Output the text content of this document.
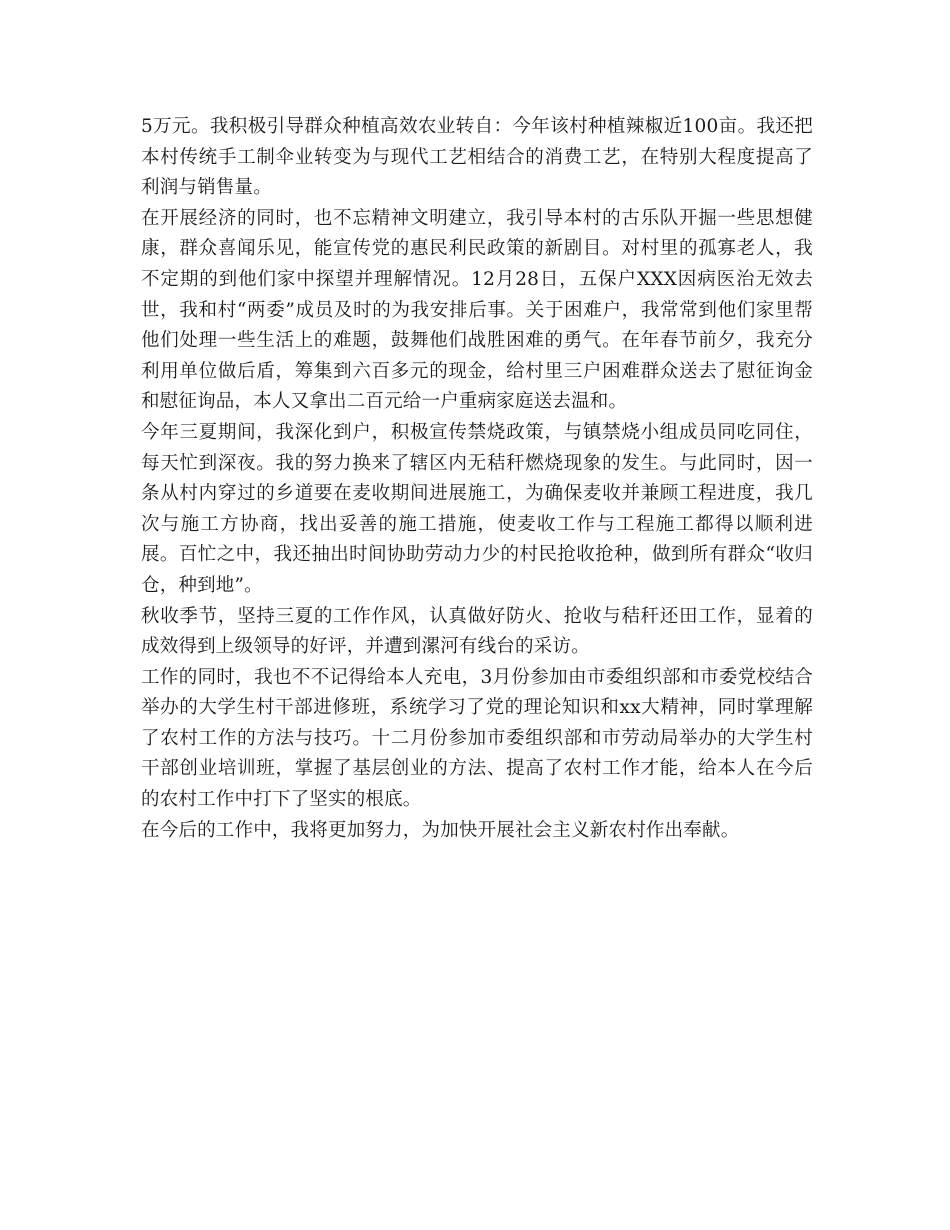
5万元。我积极引导群众种植高效农业转自：今年该村种植辣椒近100亩。我还把本村传统手工制伞业转变为与现代工艺相结合的消费工艺，在特别大程度提高了利润与销售量。

在开展经济的同时，也不忘精神文明建立，我引导本村的古乐队开掘一些思想健康，群众喜闻乐见，能宣传党的惠民利民政策的新剧目。对村里的孤寡老人，我不定期的到他们家中探望并理解情况。12月28日，五保户XXX因病医治无效去世，我和村“两委”成员及时的为我安排后事。关于困难户，我常常到他们家里帮他们处理一些生活上的难题，鼓舞他们战胜困难的勇气。在年春节前夕，我充分利用单位做后盾，筹集到六百多元的现金，给村里三户困难群众送去了慰征询金和慰征询品，本人又拿出二百元给一户重病家庭送去温和。

今年三夏期间，我深化到户，积极宣传禁烧政策，与镇禁烧小组成员同吃同住，每天忙到深夜。我的努力换来了辖区内无秸秆燃烧现象的发生。与此同时，因一条从村内穿过的乡道要在麦收期间进展施工，为确保麦收并兼顾工程进度，我几次与施工方协商，找出妥善的施工措施，使麦收工作与工程施工都得以顺利进展。百忙之中，我还抽出时间协助劳动力少的村民抢收抢种，做到所有群众“收归仓，种到地”。

秋收季节，坚持三夏的工作作风，认真做好防火、抢收与秸秆还田工作，显着的成效得到上级领导的好评，并遭到漯河有线台的采访。

工作的同时，我也不不记得给本人充电，3月份参加由市委组织部和市委党校结合举办的大学生村干部进修班，系统学习了党的理论知识和xx大精神，同时掌理解了农村工作的方法与技巧。十二月份参加市委组织部和市劳动局举办的大学生村干部创业培训班，掌握了基层创业的方法、提高了农村工作才能，给本人在今后的农村工作中打下了坚实的根底。

在今后的工作中，我将更加努力，为加快开展社会主义新农村作出奉献。
